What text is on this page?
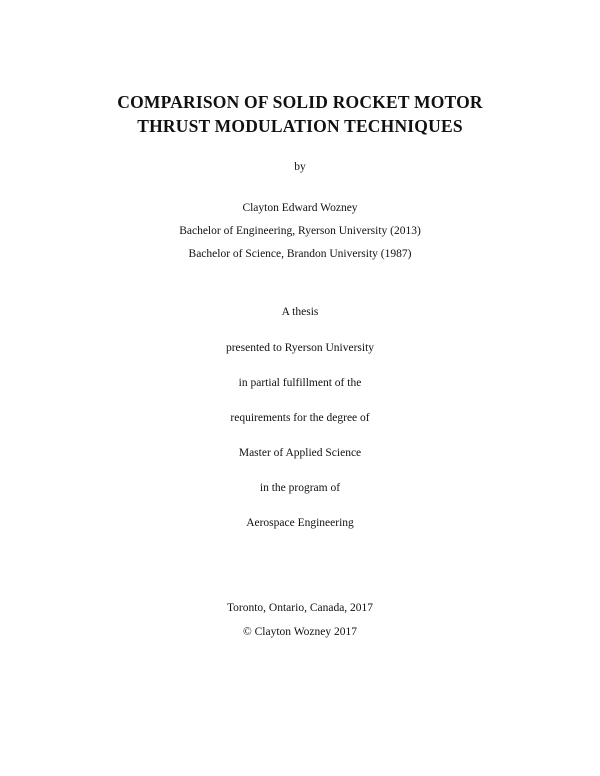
COMPARISON OF SOLID ROCKET MOTOR
THRUST MODULATION TECHNIQUES
by
Clayton Edward Wozney
Bachelor of Engineering, Ryerson University (2013)
Bachelor of Science, Brandon University (1987)
A thesis
presented to Ryerson University
in partial fulfillment of the
requirements for the degree of
Master of Applied Science
in the program of
Aerospace Engineering
Toronto, Ontario, Canada, 2017
© Clayton Wozney 2017
